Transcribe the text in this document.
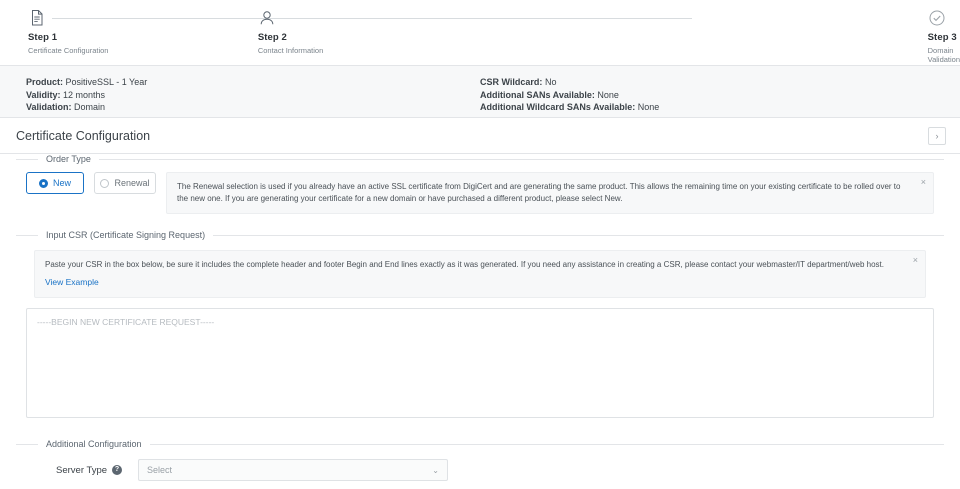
Step 1
Certificate Configuration
Step 2
Contact Information
Step 3
Domain Validation
Product: PositiveSSL - 1 Year
Validity: 12 months
Validation: Domain
CSR Wildcard: No
Additional SANs Available: None
Additional Wildcard SANs Available: None
Certificate Configuration	›
Order Type
New	Renewal	×
The Renewal selection is used if you already have an active SSL certificate from DigiCert and are generating the same product. This allows the remaining time on your existing certificate to be rolled over to the new one. If you are generating your certificate for a new domain or have purchased a different product, please select New.
Input CSR (Certificate Signing Request)
×
Paste your CSR in the box below, be sure it includes the complete header and footer Begin and End lines exactly as it was generated. If you need any assistance in creating a CSR, please contact your webmaster/IT department/web host.
View Example
-----BEGIN NEW CERTIFICATE REQUEST-----
Additional Configuration
Server Type	?	Select	⌄
